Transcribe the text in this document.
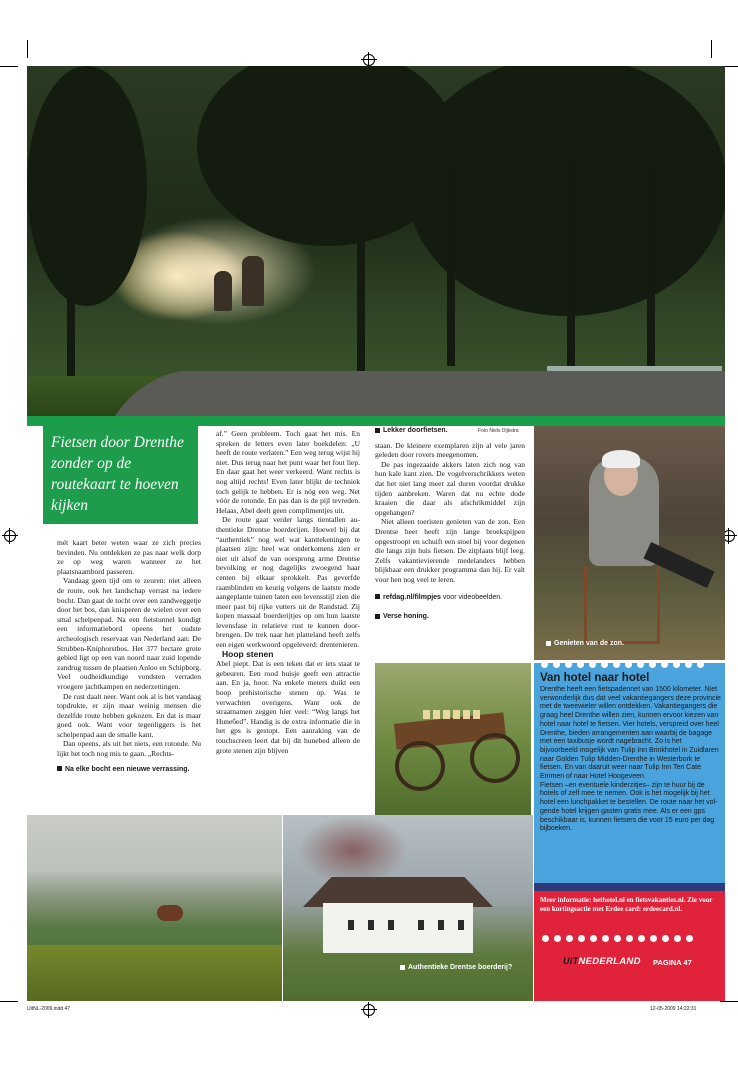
Fietsen door Drenthe zonder op de routekaart te hoeven kijken

mét kaart beter weten waar ze zich precies bevinden. Nu ontdekken ze pas naar welk dorp ze op weg waren wanneer ze het plaatsnaambord passeren.

Vandaag geen tijd om te zeuren: niet alleen de route, ook het landschap verrast na iedere bocht. Dan gaat de tocht over een zandweggetje door het bos, dan knisperen de wielen over een smal schelpenpad. Na een fietstunnel kondigt een informatiebord opeens het oudste archeologisch reservaat van Nederland aan: De Strubben-Kniphorstbos. Het 377 hectare grote gebied ligt op een van noord naar zuid lopende zandrug tussen de plaatsen Anloo en Schipborg. Veel oudheidkundige vondsten verraden vroegere jachtkampen en nederzettingen.

De rust daalt neer. Want ook al is het vandaag topdrukte, er zijn maar weinig mensen die dezelfde route hebben gekozen. En dat is maar goed ook. Want voor tegenliggers is het schelpenpad aan de smalle kant.

Dan opeens, als uit het niets, een rotonde. Nu lijkt het toch nog mis te gaan. „Rechts-

Na elke bocht een nieuwe verrassing.

af.” Geen probleem. Toch gaat het mis. En spreken de letters even later boekdelen: „U heeft de route verlaten.” Een weg terug wijst hij niet. Dus terug naar het punt waar het fout liep. En daar gaat het weer verkeerd. Want rechts is nog altijd rechts! Even later blijkt de techniek toch gelijk te hebben. Er is nóg een weg. Net vóór de rotonde. En pas dan is de pijl tevreden. Helaas, Abel deelt geen complimentjes uit.

De route gaat verder langs tientallen authentieke Drentse boerderijen. Hoewel bij dat “authentiek” nog wel wat kanttekeningen te plaatsen zijn: heel wat onderkomens zien er niet uit alsof de van oorsprong arme Drentse bevolking er nog dagelijks zwoegend haar centen bij elkaar sprokkelt. Pas geverfde raamblinden en keurig volgens de laatste mode aangeplante tuinen laten een levensstijl zien die meer past bij rijke vutters uit de Randstad. Zij kopen massaal boerderijtjes op om hun laatste levensfase in relatieve rust te kunnen doorbrengen. De trek naar het platteland heeft zelfs een eigen werkwoord opgeleverd: drentenieren.

Hoop stenen

Abel piept. Dat is een teken dat er iets staat te gebeuren. Een rood huisje geeft een attractie aan. En ja, hoor. Na enkele meters duikt een hoop prehistorische stenen op. Was te verwachten overigens. Want ook de straatnamen zeggen hier veel: “Weg langs het Huneбed”. Handig is de extra informatie die in het gps is gestopt. Een aanraking van de touchscreen leert dat bij dit hunebed alleen de grote stenen zijn blijven

Foto Niels Dijkstra

Lekker doorfietsen.

staan. De kleinere exemplaren zijn al vele jaren geleden door rovers meegenomen.

De pas ingezaaide akkers laten zich nog van hun kale kant zien. De vogelverschrikkers weten dat het niet lang meer zal duren voordat drukke tijden aanbreken. Waren dat nu echte dode kraaien die daar als afschrikmiddel zijn opgehangen?

Niet alleen toeristen genieten van de zon. Een Drentse heer heeft zijn lange broekspijpen opgestroopt en schuift een stoel bij voor degenen die langs zijn huis fietsen. De zitplaats blijf leeg. Zelfs vakantievierende medelanders hebben blijkbaar een drukker programma dan hij. Er valt voor hen nog veel te leren.

refdag.nl/filmpjes voor videobeelden.

Verse honing.

Genieten van de zon.
Authentieke Drentse boerderij?
Van hotel naar hotel

Drenthe heeft een fietspadennet van 1500 kilometer. Niet verwonderlijk dus dat veel vakantiegangers deze provincie met de tweewieler willen ontdekken. Vakantiegangers die graag heel Drenthe willen zien, kunnen ervoor kiezen van hotel naar hotel te fietsen. Vier hotels, verspreid over heel Drenthe, bieden arrangementen aan waarbij de bagage met een taxibusje wordt nagebracht. Zo is het bijvoorbeeld mogelijk van Tulip Inn Brinkhotel in Zuidlaren naar Golden Tulip Midden-Drenthe in Westerbork te fietsen. En van daaruit weer naar Tulip Inn Ten Cate Emmen of naar Hotel Hoogeveen.

Fietsen –en eventuele kinderzitjes– zijn te huur bij de hotels of zelf mee te nemen. Ook is het mogelijk bij het hotel een lunchpakket te bestellen. De route naar het volgende hotel krijgen gasten gratis mee. Als er een gps beschikbaar is, kunnen fietsers die voor 15 euro per dag bijboeken.

Meer informatie: hethotel.nl en fietsvakanties.nl. Zie voor een kortingsactie met Erdee card: erdeecard.nl.
UITNEDERLAND PAGINA 47
UitNL-2009.indd 47	12-05-2009 14:22:31
